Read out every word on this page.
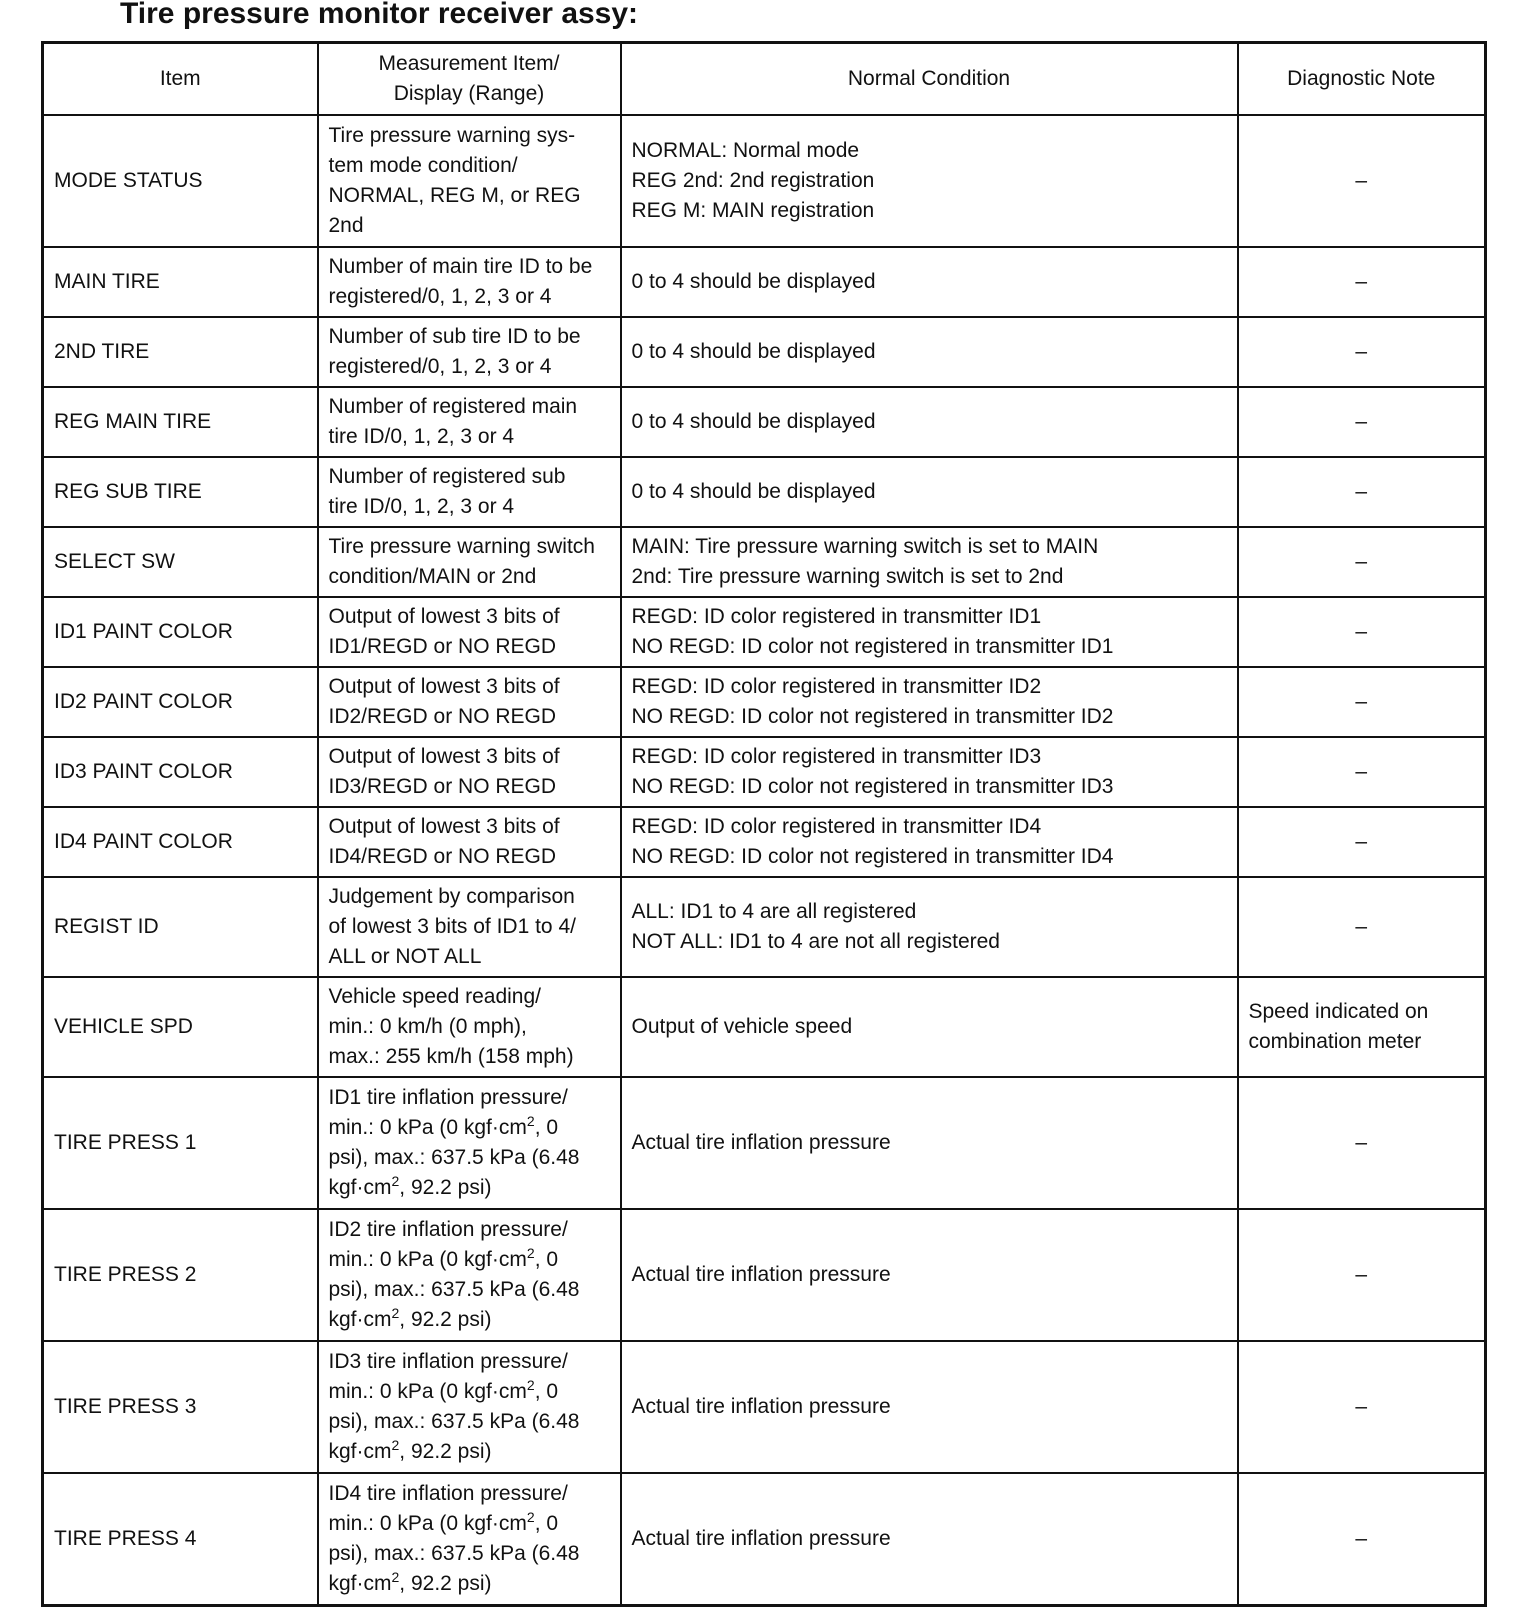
Tire pressure monitor receiver assy:
Item	Measurement Item/
Display (Range)	Normal Condition	Diagnostic Note
MODE STATUS	Tire pressure warning sys-
tem mode condition/
NORMAL, REG M, or REG
2nd	NORMAL: Normal mode
REG 2nd: 2nd registration
REG M: MAIN registration	–
MAIN TIRE	Number of main tire ID to be
registered/0, 1, 2, 3 or 4	0 to 4 should be displayed	–
2ND TIRE	Number of sub tire ID to be
registered/0, 1, 2, 3 or 4	0 to 4 should be displayed	–
REG MAIN TIRE	Number of registered main
tire ID/0, 1, 2, 3 or 4	0 to 4 should be displayed	–
REG SUB TIRE	Number of registered sub
tire ID/0, 1, 2, 3 or 4	0 to 4 should be displayed	–
SELECT SW	Tire pressure warning switch
condition/MAIN or 2nd	MAIN: Tire pressure warning switch is set to MAIN
2nd: Tire pressure warning switch is set to 2nd	–
ID1 PAINT COLOR	Output of lowest 3 bits of
ID1/REGD or NO REGD	REGD: ID color registered in transmitter ID1
NO REGD: ID color not registered in transmitter ID1	–
ID2 PAINT COLOR	Output of lowest 3 bits of
ID2/REGD or NO REGD	REGD: ID color registered in transmitter ID2
NO REGD: ID color not registered in transmitter ID2	–
ID3 PAINT COLOR	Output of lowest 3 bits of
ID3/REGD or NO REGD	REGD: ID color registered in transmitter ID3
NO REGD: ID color not registered in transmitter ID3	–
ID4 PAINT COLOR	Output of lowest 3 bits of
ID4/REGD or NO REGD	REGD: ID color registered in transmitter ID4
NO REGD: ID color not registered in transmitter ID4	–
REGIST ID	Judgement by comparison
of lowest 3 bits of ID1 to 4/
ALL or NOT ALL	ALL: ID1 to 4 are all registered
NOT ALL: ID1 to 4 are not all registered	–
VEHICLE SPD	Vehicle speed reading/
min.: 0 km/h (0 mph),
max.: 255 km/h (158 mph)	Output of vehicle speed	Speed indicated on
combination meter
TIRE PRESS 1	ID1 tire inflation pressure/
min.: 0 kPa (0 $kgf\cdot cm^2$, 0
psi), max.: 637.5 kPa (6.48
$kgf\cdot cm^2$, 92.2 psi)	Actual tire inflation pressure	–
TIRE PRESS 2	ID2 tire inflation pressure/
min.: 0 kPa (0 $kgf\cdot cm^2$, 0
psi), max.: 637.5 kPa (6.48
$kgf\cdot cm^2$, 92.2 psi)	Actual tire inflation pressure	–
TIRE PRESS 3	ID3 tire inflation pressure/
min.: 0 kPa (0 $kgf\cdot cm^2$, 0
psi), max.: 637.5 kPa (6.48
$kgf\cdot cm^2$, 92.2 psi)	Actual tire inflation pressure	–
TIRE PRESS 4	ID4 tire inflation pressure/
min.: 0 kPa (0 $kgf\cdot cm^2$, 0
psi), max.: 637.5 kPa (6.48
$kgf\cdot cm^2$, 92.2 psi)	Actual tire inflation pressure	–
